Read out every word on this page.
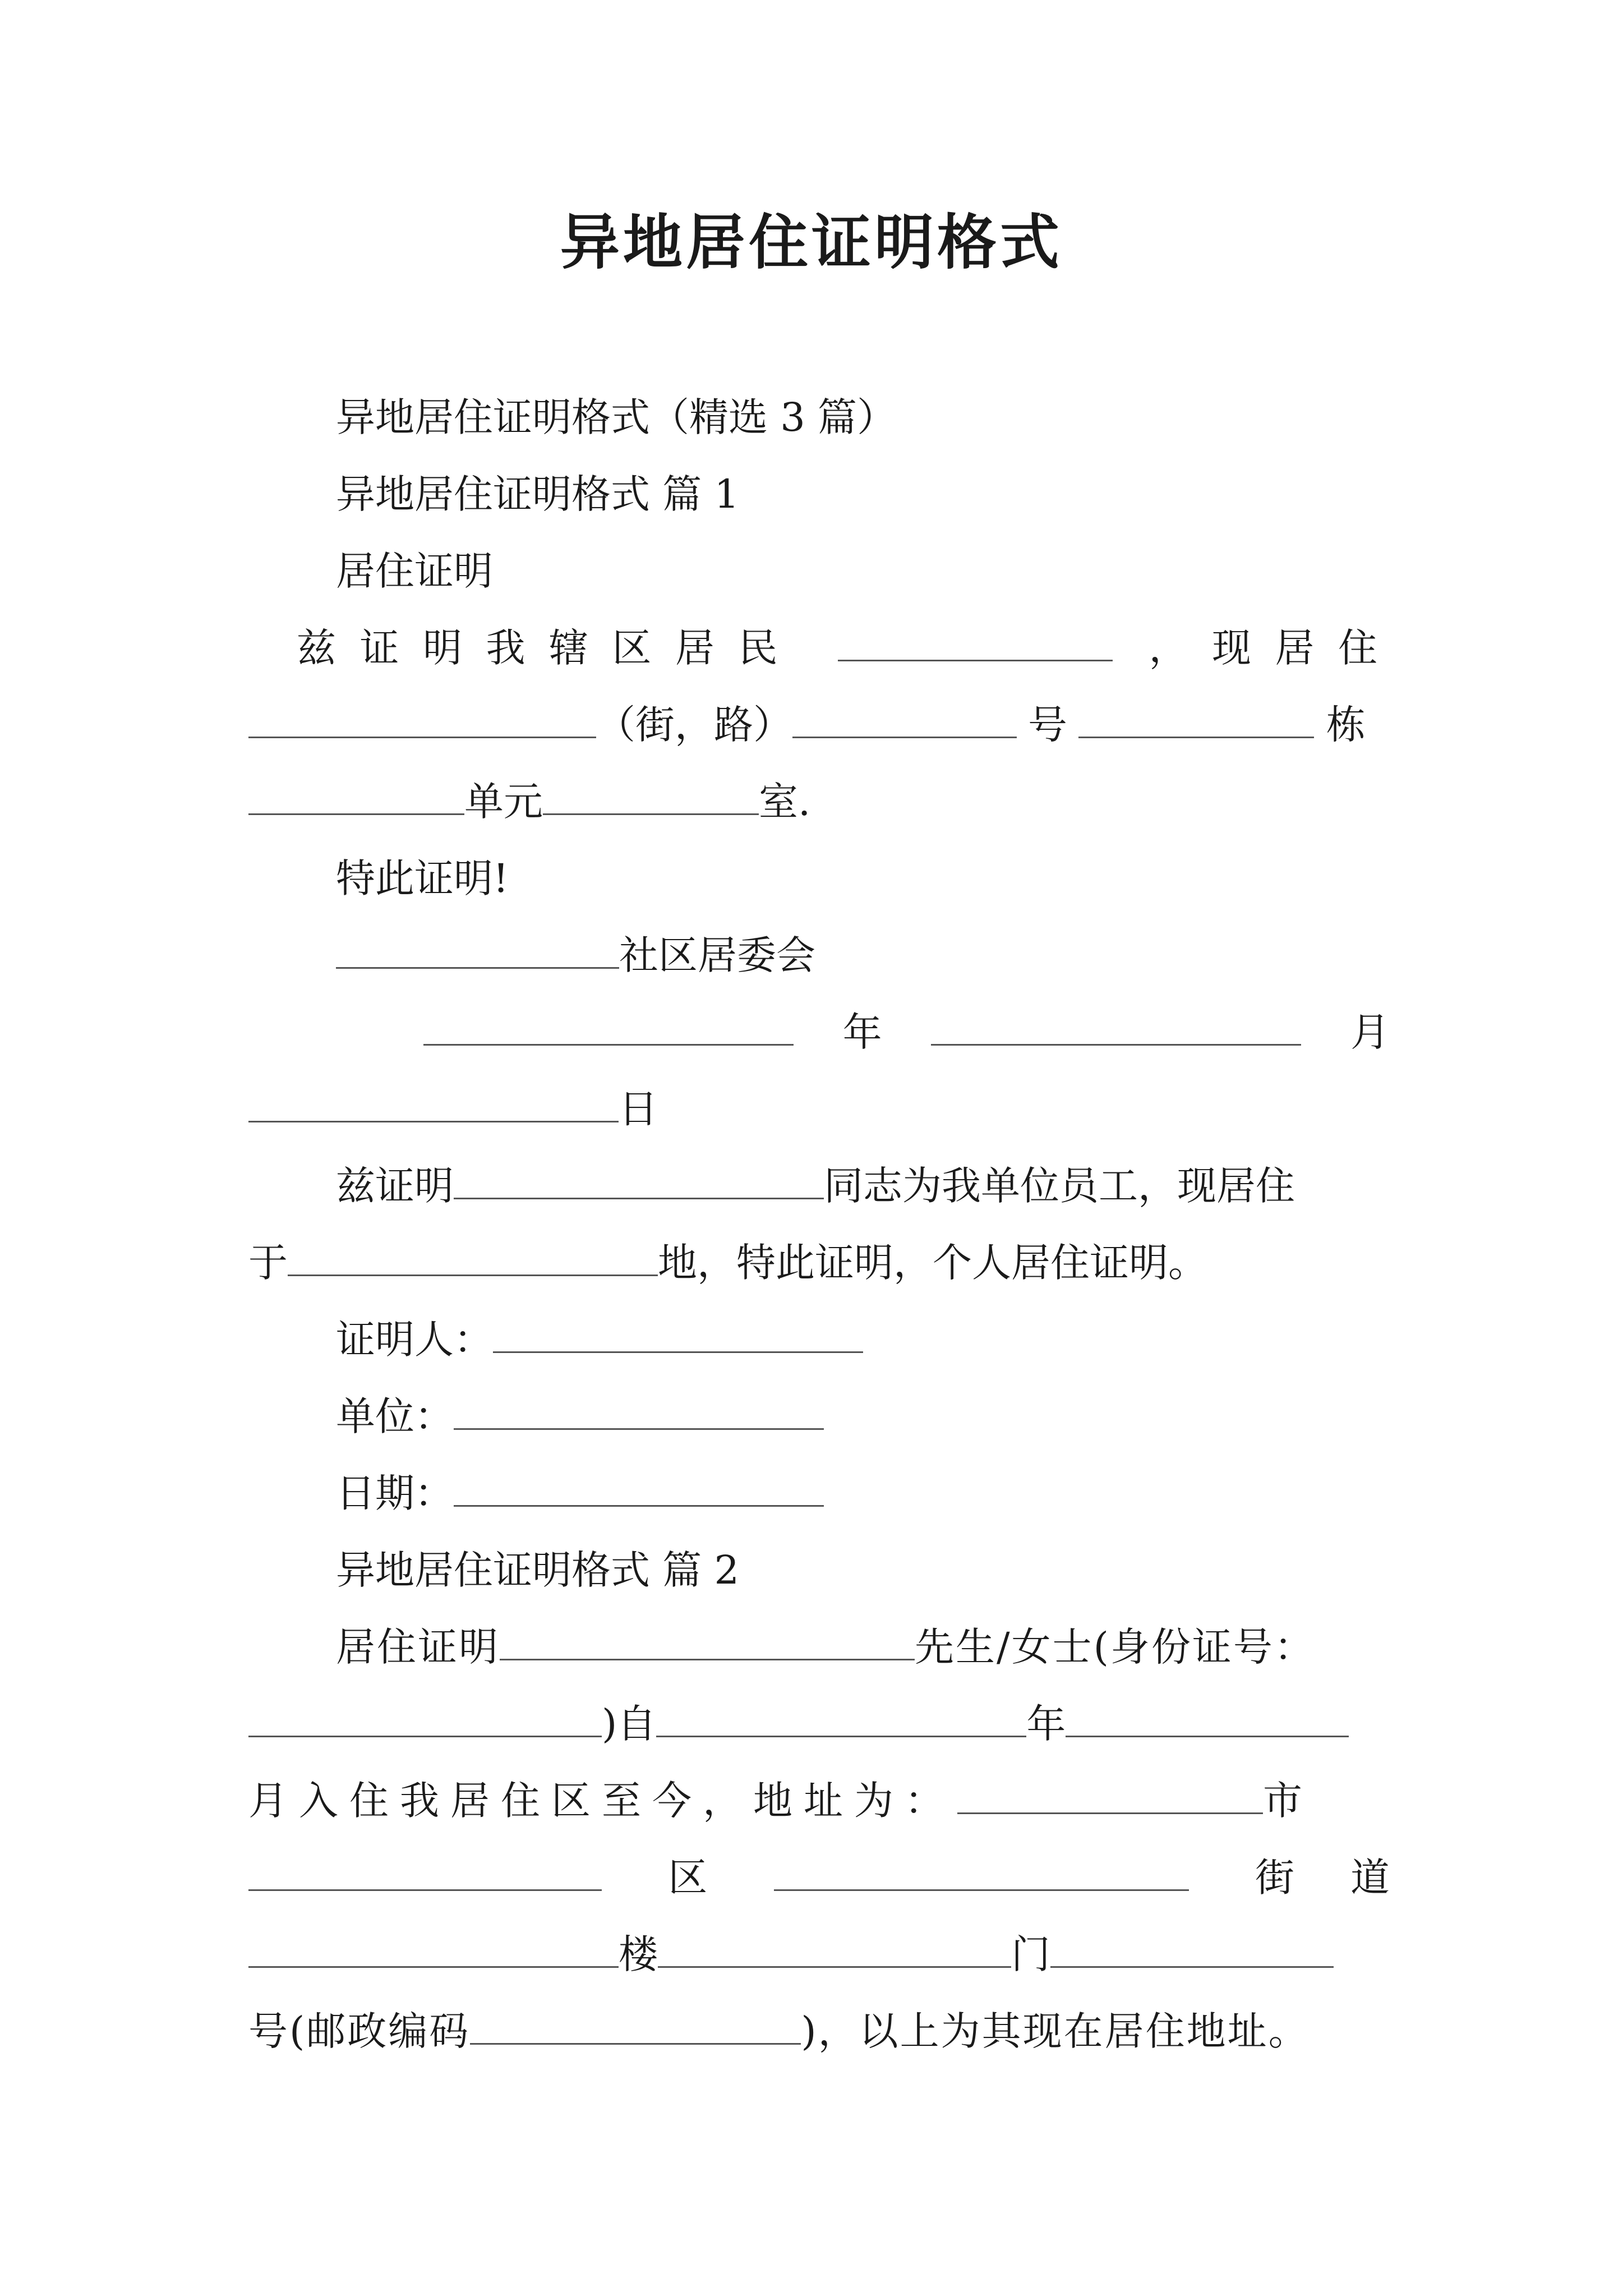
异地居住证明格式
异地居住证明格式（精选 3 篇）
异地居住证明格式 篇 1
居住证明
兹证明我辖区居民	，现居住
（街，路）	号	栋
单元	室.
特此证明!
社区居委会
年	月
日
兹证明	同志为我单位员工，现居住
于	地，特此证明，个人居住证明。
证明人：
单位：
日期：
异地居住证明格式 篇 2
居住证明	先生/女士(身份证号：
)自	年
月入住我居住区至今，地址为：	市
区	街道
楼	门
号(邮政编码	)，以上为其现在居住地址。
